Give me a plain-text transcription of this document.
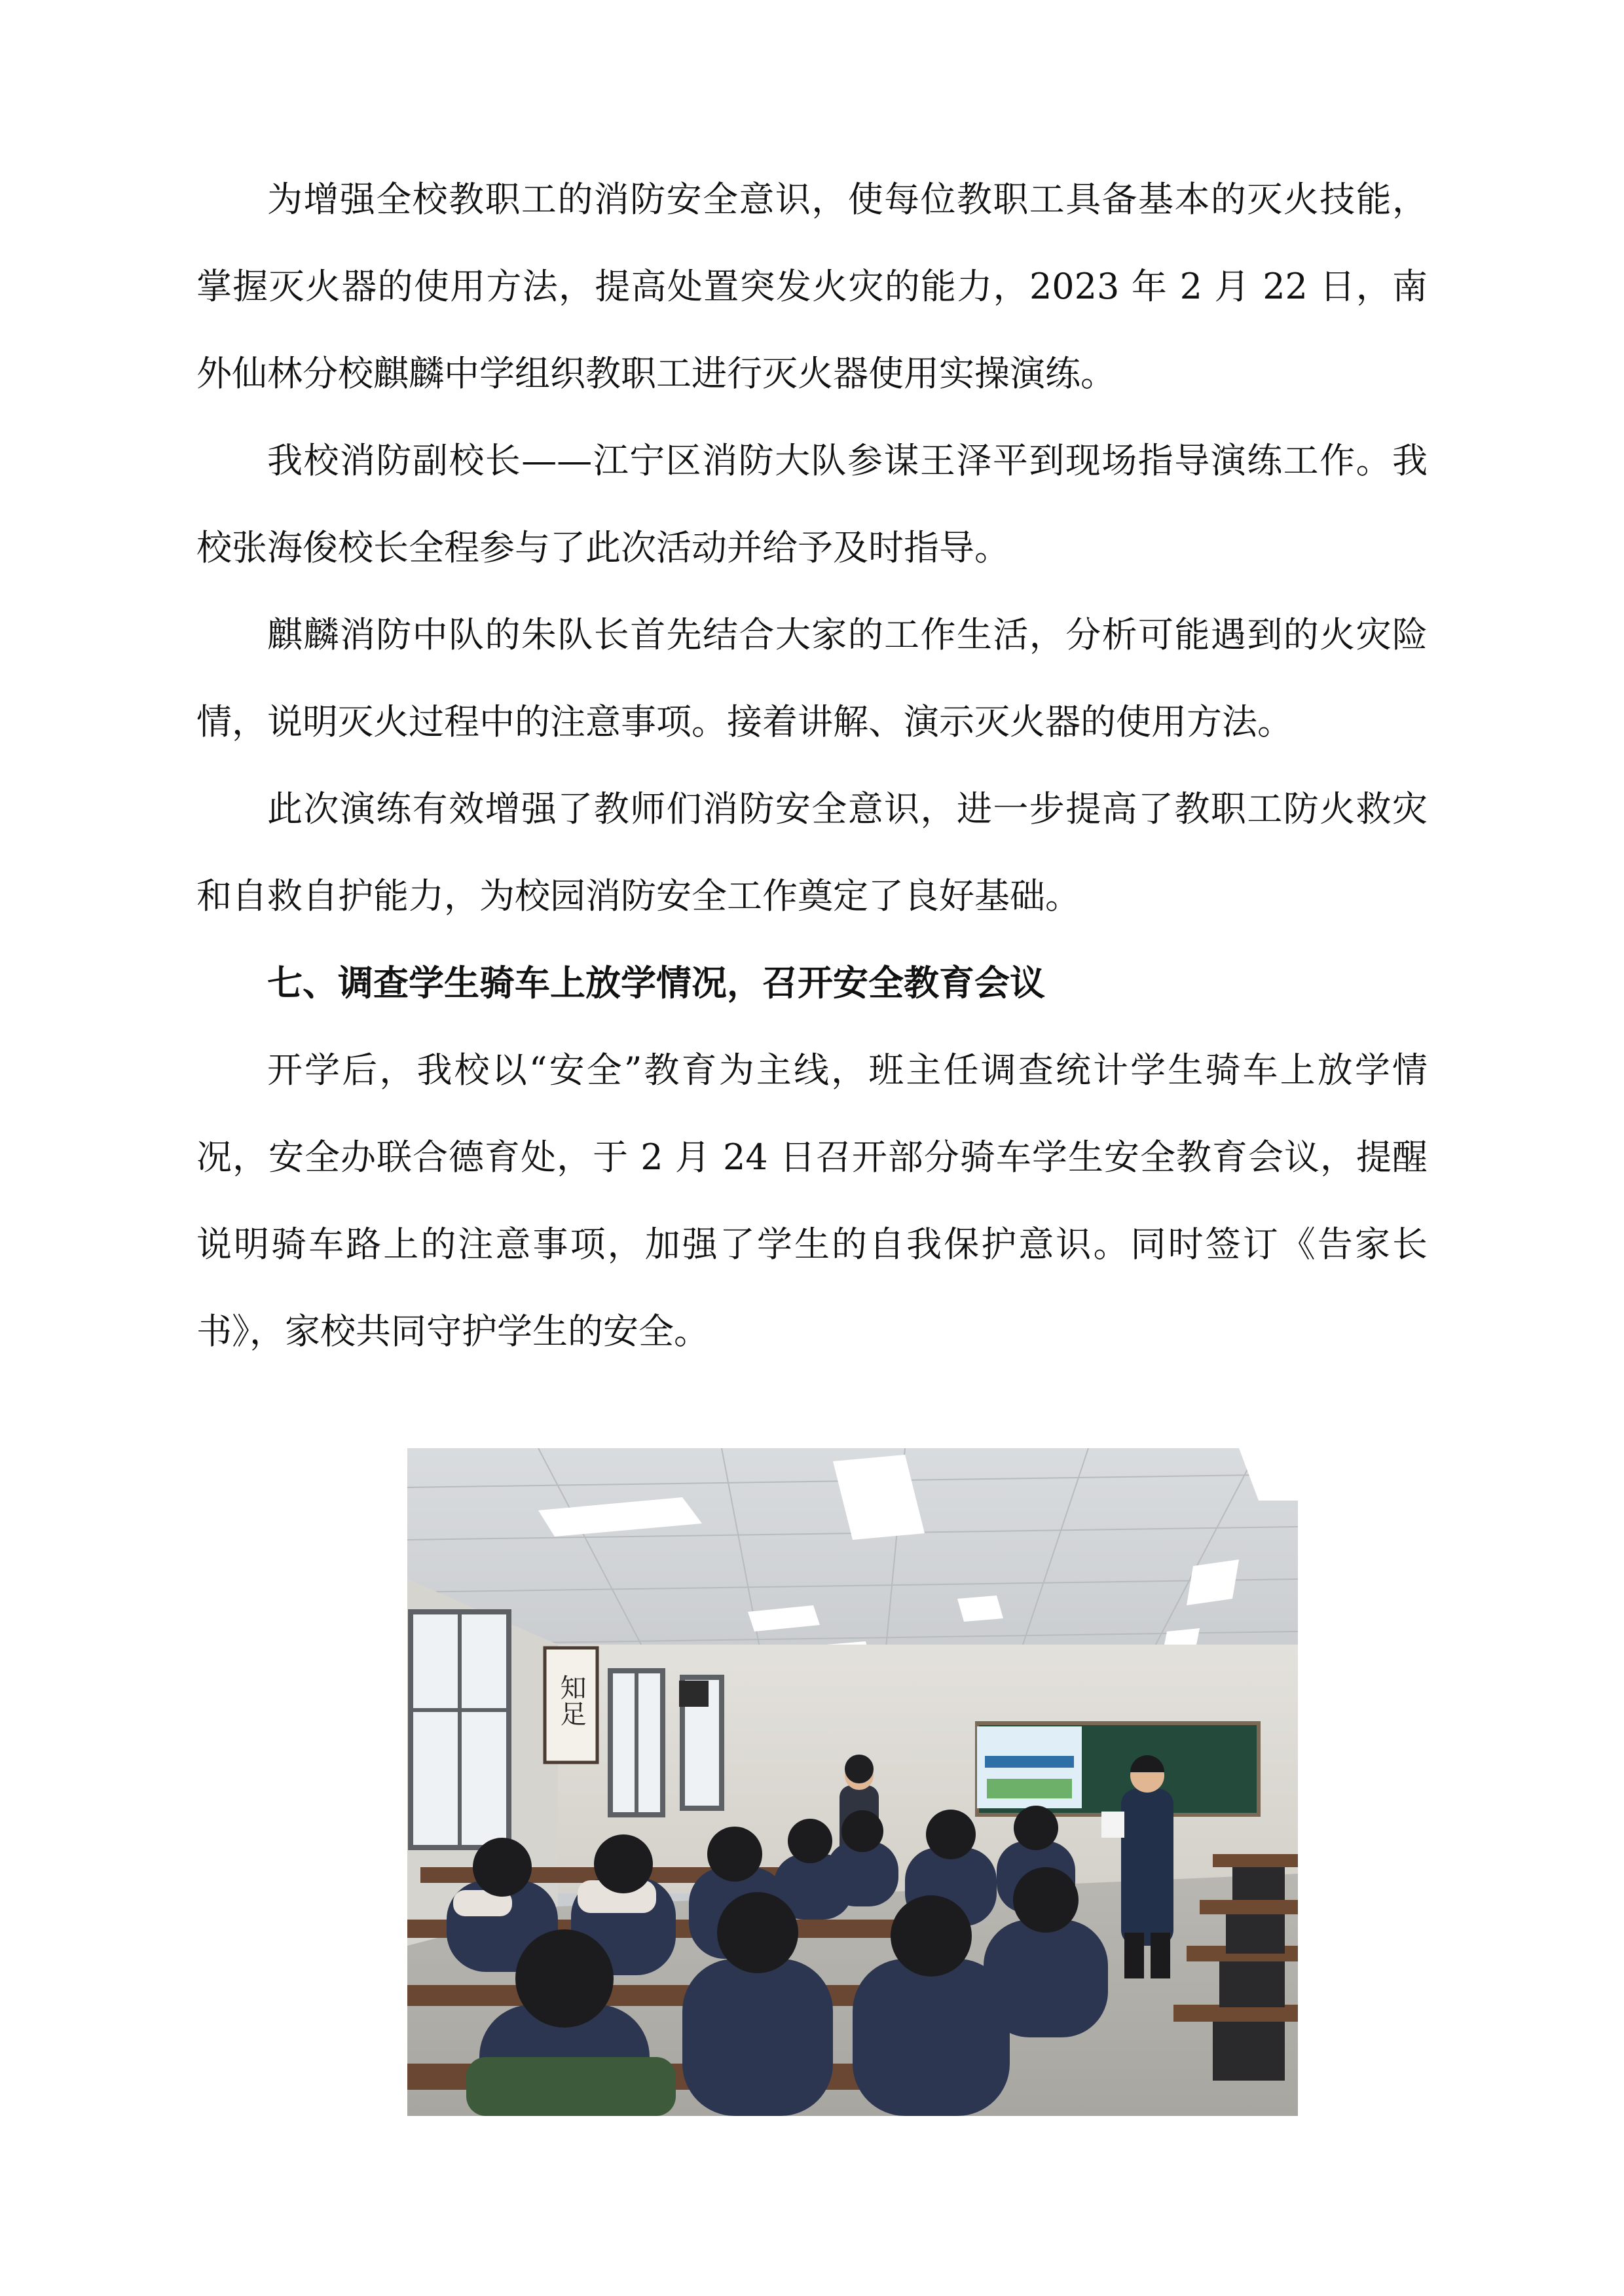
为增强全校教职工的消防安全意识，使每位教职工具备基本的灭火技能，掌握灭火器的使用方法，提高处置突发火灾的能力，2023 年 2 月 22 日，南外仙林分校麒麟中学组织教职工进行灭火器使用实操演练。

我校消防副校长——江宁区消防大队参谋王泽平到现场指导演练工作。我校张海俊校长全程参与了此次活动并给予及时指导。

麒麟消防中队的朱队长首先结合大家的工作生活，分析可能遇到的火灾险情，说明灭火过程中的注意事项。接着讲解、演示灭火器的使用方法。

此次演练有效增强了教师们消防安全意识，进一步提高了教职工防火救灾和自救自护能力，为校园消防安全工作奠定了良好基础。

七、调查学生骑车上放学情况，召开安全教育会议

开学后，我校以“安全”教育为主线，班主任调查统计学生骑车上放学情况，安全办联合德育处，于 2 月 24 日召开部分骑车学生安全教育会议，提醒说明骑车路上的注意事项，加强了学生的自我保护意识。同时签订《告家长书》，家校共同守护学生的安全。

知足
